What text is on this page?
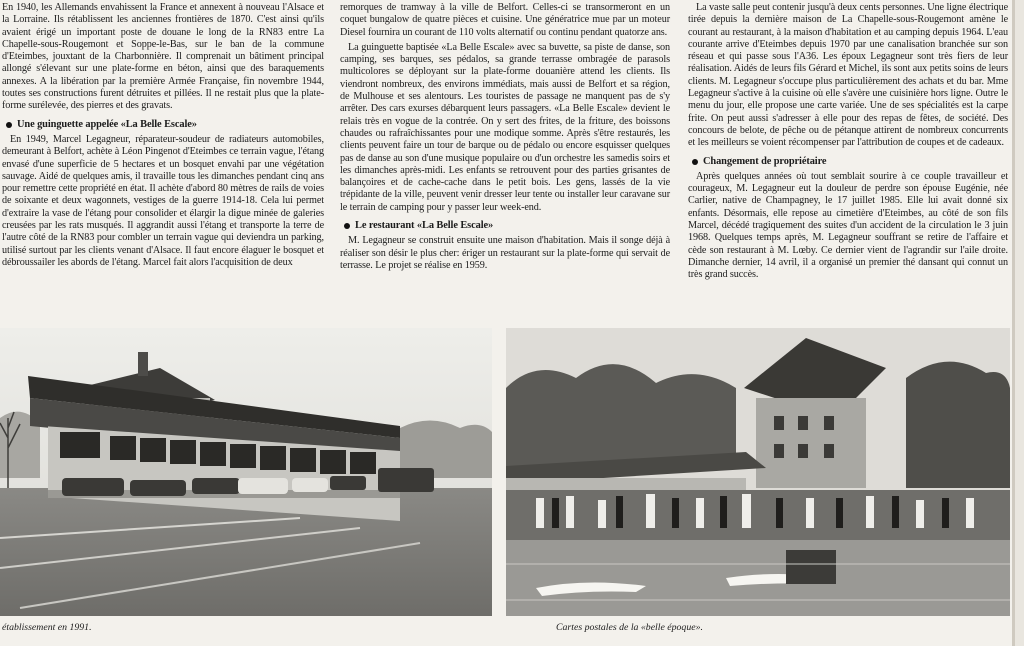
En 1940, les Allemands envahissent la France et annexent à nouveau l'Alsace et la Lorraine. Ils rétablissent les anciennes frontières de 1870. C'est ainsi qu'ils avaient érigé un important poste de douane le long de la RN83 entre La Chapelle-sous-Rougemont et Soppe-le-Bas, sur le ban de la commune d'Eteimbes, jouxtant de la Charbonnière. Il comprenait un bâtiment principal allongé s'élevant sur une plate-forme en béton, ainsi que des baraquements annexes. A la libération par la première Armée Française, fin novembre 1944, toutes ses constructions furent détruites et pillées. Il ne restait plus que la plate-forme surélevée, des pierres et des gravats.

Une guinguette appelée «La Belle Escale»

En 1949, Marcel Legagneur, réparateur-soudeur de radiateurs automobiles, demeurant à Belfort, achète à Léon Pingenot d'Eteimbes ce terrain vague, l'étang envasé d'une superficie de 5 hectares et un bosquet envahi par une végétation sauvage. Aidé de quelques amis, il travaille tous les dimanches pendant cinq ans pour remettre cette propriété en état. Il achète d'abord 80 mètres de rails de voies de soixante et deux wagonnets, vestiges de la guerre 1914-18. Cela lui permet d'extraire la vase de l'étang pour consolider et élargir la digue minée de galeries creusées par les rats musqués. Il aggrandit aussi l'étang et transporte la terre de l'autre côté de la RN83 pour combler un terrain vague qui deviendra un parking, utilisé surtout par les clients venant d'Alsace. Il faut encore élaguer le bosquet et débroussailer les abords de l'étang. Marcel fait alors l'acquisition de deux

remorques de tramway à la ville de Belfort. Celles-ci se transormeront en un coquet bungalow de quatre pièces et cuisine. Une génératrice mue par un moteur Diesel fournira un courant de 110 volts alternatif ou continu pendant quatorze ans.

La guinguette baptisée «La Belle Escale» avec sa buvette, sa piste de danse, son camping, ses barques, ses pédalos, sa grande terrasse ombragée de parasols multicolores se déployant sur la plate-forme douanière attend les clients. Ils viendront nombreux, des environs immédiats, mais aussi de Belfort et sa région, de Mulhouse et ses alentours. Les touristes de passage ne manquent pas de s'y arrêter. Des cars exurses débarquent leurs passagers. «La Belle Escale» devient le relais très en vogue de la contrée. On y sert des frites, de la friture, des boissons chaudes ou rafraîchissantes pour une modique somme. Après s'être restaurés, les clients peuvent faire un tour de barque ou de pédalo ou encore esquisser quelques pas de danse au son d'une musique populaire ou d'un orchestre les samedis soirs et les dimanches après-midi. Les enfants se retrouvent pour des parties grisantes de balançoires et de cache-cache dans le petit bois. Les gens, lassés de la vie trépidante de la ville, peuvent venir dresser leur tente ou installer leur caravane sur le terrain de camping pour y passer leur week-end.

Le restaurant «La Belle Escale»

M. Legagneur se construit ensuite une maison d'habitation. Mais il songe déjà à réaliser son désir le plus cher: ériger un restaurant sur la plate-forme qui servait de terrasse. Le projet se réalise en 1959.

La vaste salle peut contenir jusqu'à deux cents personnes. Une ligne électrique tirée depuis la dernière maison de La Chapelle-sous-Rougemont amène le courant au restaurant, à la maison d'habitation et au camping depuis 1964. L'eau courante arrive d'Eteimbes depuis 1970 par une canalisation branchée sur son réseau et qui passe sous l'A36. Les époux Legagneur sont très fiers de leur réalisation. Aidés de leurs fils Gérard et Michel, ils sont aux petits soins de leurs clients. M. Legagneur s'occupe plus particulièrement des achats et du bar. Mme Legagneur s'active à la cuisine où elle s'avère une cuisinière hors ligne. Outre le menu du jour, elle propose une carte variée. Une de ses spécialités est la carpe frite. On peut aussi s'adresser à elle pour des repas de fêtes, de société. Des concours de belote, de pêche ou de pétanque attirent de nombreux concurrents et les meilleurs se voient récompenser par l'attribution de coupes et de cadeaux.

Changement de propriétaire

Après quelques années où tout semblait sourire à ce couple travailleur et courageux, M. Legagneur eut la douleur de perdre son épouse Eugénie, née Carlier, native de Champagney, le 17 juillet 1985. Elle lui avait donné six enfants. Désormais, elle repose au cimetière d'Eteimbes, au côté de son fils Marcel, décédé tragiquement des suites d'un accident de la circulation le 3 juin 1968. Quelques temps après, M. Legagneur souffrant se retire de l'affaire et cède son restaurant à M. Lœby. Ce dernier vient de l'agrandir sur l'aile droite. Dimanche dernier, 14 avril, il a organisé un premier thé dansant qui connut un très grand succès.

établissement en 1991.	Cartes postales de la «belle époque».
